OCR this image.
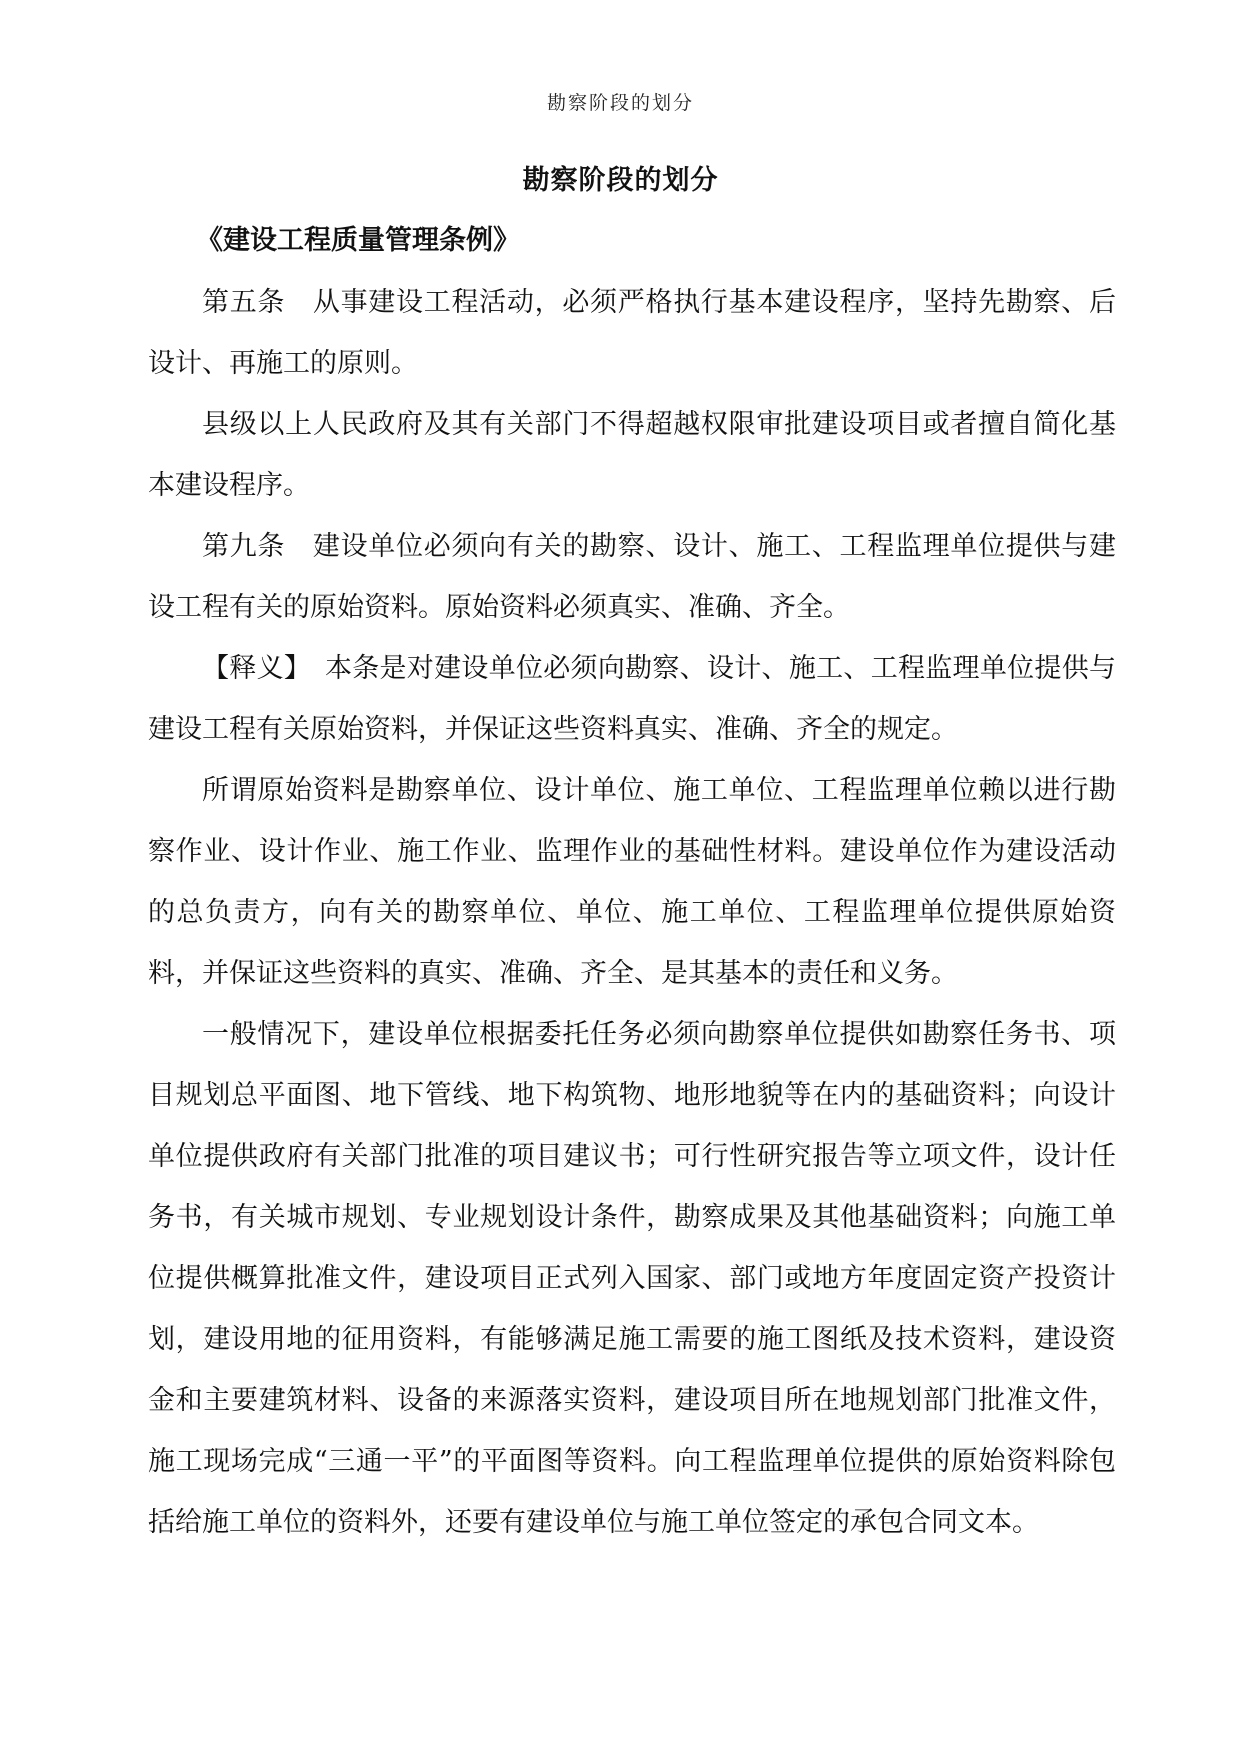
勘察阶段的划分
勘察阶段的划分
《建设工程质量管理条例》

第五条　从事建设工程活动，必须严格执行基本建设程序，坚持先勘察、后设计、再施工的原则。

县级以上人民政府及其有关部门不得超越权限审批建设项目或者擅自简化基本建设程序。

第九条　建设单位必须向有关的勘察、设计、施工、工程监理单位提供与建设工程有关的原始资料。原始资料必须真实、准确、齐全。

【释义】　本条是对建设单位必须向勘察、设计、施工、工程监理单位提供与建设工程有关原始资料，并保证这些资料真实、准确、齐全的规定。

所谓原始资料是勘察单位、设计单位、施工单位、工程监理单位赖以进行勘察作业、设计作业、施工作业、监理作业的基础性材料。建设单位作为建设活动的总负责方，向有关的勘察单位、单位、施工单位、工程监理单位提供原始资料，并保证这些资料的真实、准确、齐全、是其基本的责任和义务。

一般情况下，建设单位根据委托任务必须向勘察单位提供如勘察任务书、项目规划总平面图、地下管线、地下构筑物、地形地貌等在内的基础资料；向设计单位提供政府有关部门批准的项目建议书；可行性研究报告等立项文件，设计任务书，有关城市规划、专业规划设计条件，勘察成果及其他基础资料；向施工单位提供概算批准文件，建设项目正式列入国家、部门或地方年度固定资产投资计划，建设用地的征用资料，有能够满足施工需要的施工图纸及技术资料，建设资金和主要建筑材料、设备的来源落实资料，建设项目所在地规划部门批准文件，施工现场完成“三通一平”的平面图等资料。向工程监理单位提供的原始资料除包括给施工单位的资料外，还要有建设单位与施工单位签定的承包合同文本。
